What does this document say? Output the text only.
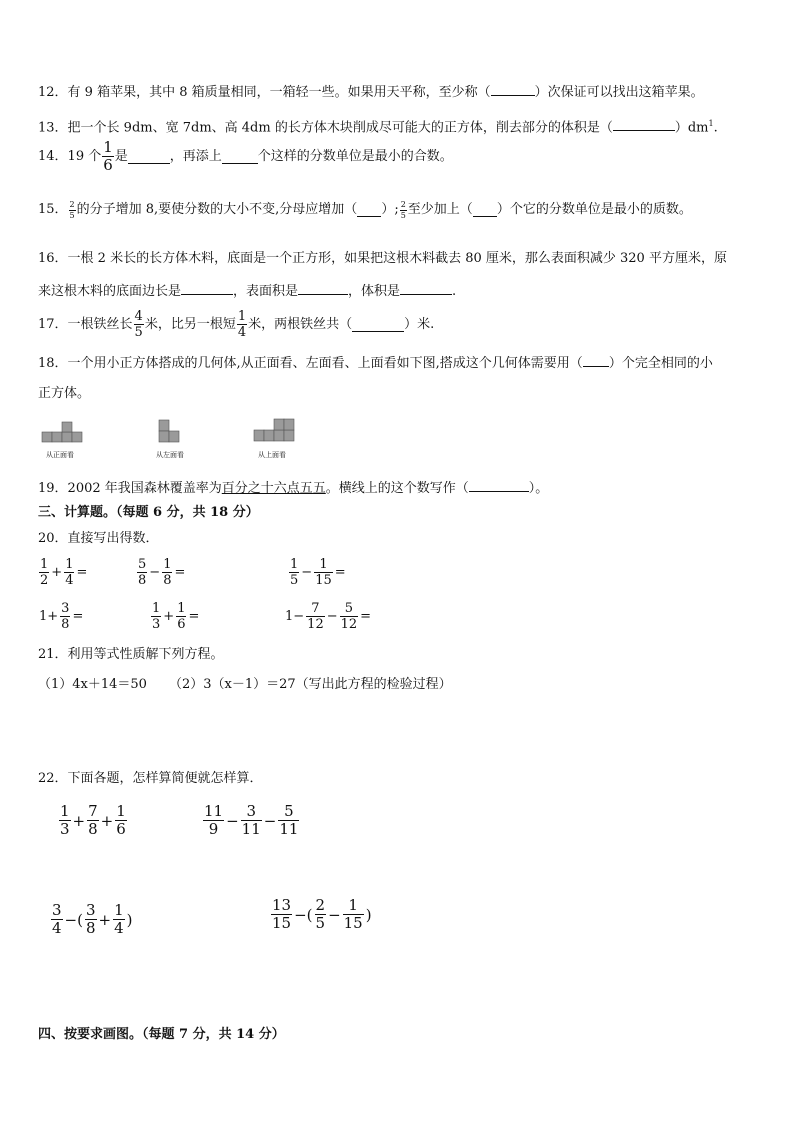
12．有 9 箱苹果，其中 8 箱质量相同，一箱轻一些。如果用天平称，至少称（	）次保证可以找出这箱苹果。
13．把一个长 9dm、宽 7dm、高 4dm 的长方体木块削成尽可能大的正方体，削去部分的体积是（	）$dm^1$.
14．19 个 $\frac{1}{6}$ 是	，再添上	个这样的分数单位是最小的合数。
15． $\frac{2}{5}$ 的分子增加 8,要使分数的大小不变,分母应增加（ ）; $\frac{2}{5}$ 至少加上（ ）个它的分数单位是最小的质数。
16．一根 2 米长的长方体木料，底面是一个正方形，如果把这根木料截去 80 厘米，那么表面积减少 320 平方厘米，原
来这根木料的底面边长是	，表面积是	，体积是	.
17．一根铁丝长 $\frac{4}{5}$ 米，比另一根短 $\frac{1}{4}$ 米，两根铁丝共（	）米.
18．一个用小正方体搭成的几何体,从正面看、左面看、上面看如下图,搭成这个几何体需要用（ ）个完全相同的小
正方体。
从正面看	从左面看	从上面看
19．2002 年我国森林覆盖率为百分之十六点五五。横线上的这个数写作（	）。
三、计算题。（每题 6 分，共 18 分）
20．直接写出得数．
$\frac{1}{2} + \frac{1}{4}$ =	$\frac{5}{8} - \frac{1}{8}$ =	$\frac{1}{5} - \frac{1}{15}$ =
$1+ \frac{3}{8}$ =	$\frac{1}{3} + \frac{1}{6}$ =	$1- \frac{7}{12} - \frac{5}{12}$ =
21．利用等式性质解下列方程。
（1）4x＋14＝50 （2）3（x－1）＝27（写出此方程的检验过程）
22．下面各题，怎样算简便就怎样算．
$\frac{1}{3} + \frac{7}{8} + \frac{1}{6}$	$\frac{11}{9} - \frac{3}{11} - \frac{5}{11}$
$\frac{3}{4}$ −( $\frac{3}{8} + \frac{1}{4}$ )	$\frac{13}{15}$ −( $\frac{2}{5} - \frac{1}{15}$ )
四、按要求画图。（每题 7 分，共 14 分）
